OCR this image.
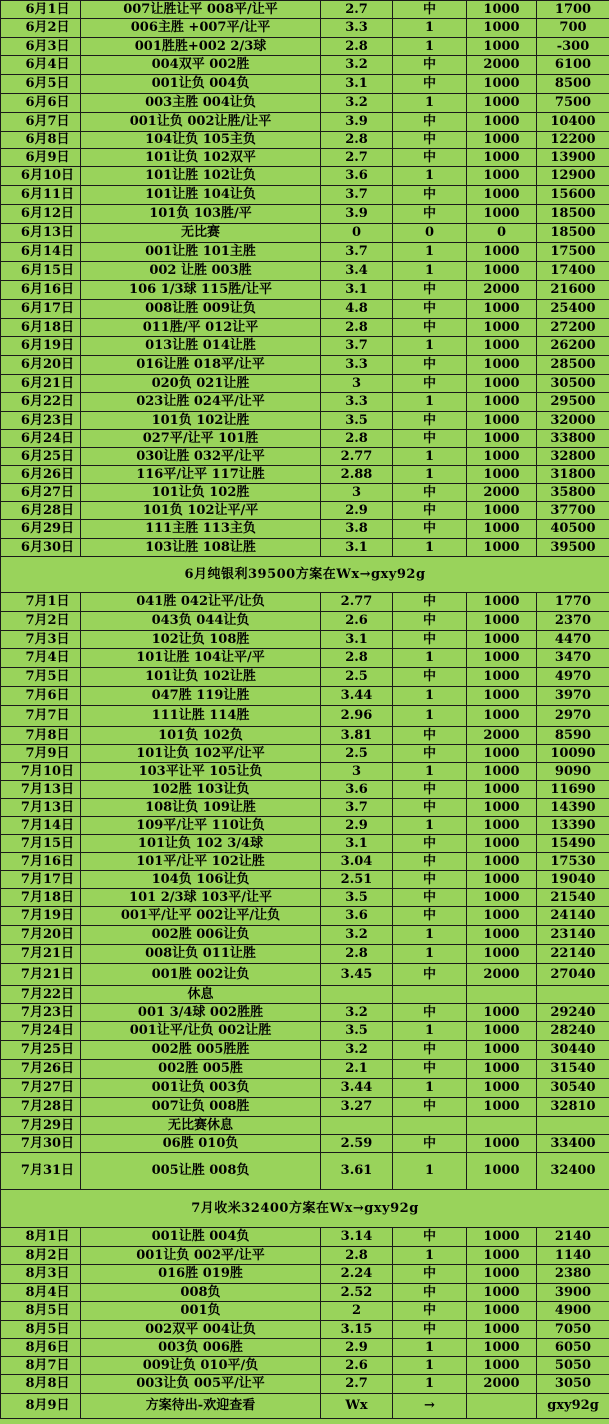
6月1日	007让胜让平 008平/让平	2.7	中	1000	1700
6月2日	006主胜 +007平/让平	3.3	1	1000	700
6月3日	001胜胜+002 2/3球	2.8	1	1000	-300
6月4日	004双平 002胜	3.2	中	2000	6100
6月5日	001让负 004负	3.1	中	1000	8500
6月6日	003主胜 004让负	3.2	1	1000	7500
6月7日	001让负 002让胜/让平	3.9	中	1000	10400
6月8日	104让负 105主负	2.8	中	1000	12200
6月9日	101让负 102双平	2.7	中	1000	13900
6月10日	101让胜 102让负	3.6	1	1000	12900
6月11日	101让胜 104让负	3.7	中	1000	15600
6月12日	101负 103胜/平	3.9	中	1000	18500
6月13日	无比赛	0	0	0	18500
6月14日	001让胜 101主胜	3.7	1	1000	17500
6月15日	002 让胜 003胜	3.4	1	1000	17400
6月16日	106 1/3球 115胜/让平	3.1	中	2000	21600
6月17日	008让胜 009让负	4.8	中	1000	25400
6月18日	011胜/平 012让平	2.8	中	1000	27200
6月19日	013让胜 014让胜	3.7	1	1000	26200
6月20日	016让胜 018平/让平	3.3	中	1000	28500
6月21日	020负 021让胜	3	中	1000	30500
6月22日	023让胜 024平/让平	3.3	1	1000	29500
6月23日	101负 102让胜	3.5	中	1000	32000
6月24日	027平/让平 101胜	2.8	中	1000	33800
6月25日	030让胜 032平/让平	2.77	1	1000	32800
6月26日	116平/让平 117让胜	2.88	1	1000	31800
6月27日	101让负 102胜	3	中	2000	35800
6月28日	101负 102让平/平	2.9	中	1000	37700
6月29日	111主胜 113主负	3.8	中	1000	40500
6月30日	103让胜 108让胜	3.1	1	1000	39500
6月纯银利39500方案在Wx→gxy92g					
7月1日	041胜 042让平/让负	2.77	中	1000	1770
7月2日	043负 044让负	2.6	中	1000	2370
7月3日	102让负 108胜	3.1	中	1000	4470
7月4日	101让胜 104让平/平	2.8	1	1000	3470
7月5日	101让负 102让胜	2.5	中	1000	4970
7月6日	047胜 119让胜	3.44	1	1000	3970
7月7日	111让胜 114胜	2.96	1	1000	2970
7月8日	101负 102负	3.81	中	2000	8590
7月9日	101让负 102平/让平	2.5	中	1000	10090
7月10日	103平让平 105让负	3	1	1000	9090
7月13日	102胜 103让负	3.6	中	1000	11690
7月13日	108让负 109让胜	3.7	中	1000	14390
7月14日	109平/让平 110让负	2.9	1	1000	13390
7月15日	101让负 102 3/4球	3.1	中	1000	15490
7月16日	101平/让平 102让胜	3.04	中	1000	17530
7月17日	104负 106让负	2.51	中	1000	19040
7月18日	101 2/3球 103平/让平	3.5	中	1000	21540
7月19日	001平/让平 002让平/让负	3.6	中	1000	24140
7月20日	002胜 006让负	3.2	1	1000	23140
7月21日	008让负 011让胜	2.8	1	1000	22140
7月21日	001胜 002让负	3.45	中	2000	27040
7月22日	休息				
7月23日	001 3/4球 002胜胜	3.2	中	1000	29240
7月24日	001让平/让负 002让胜	3.5	1	1000	28240
7月25日	002胜 005胜胜	3.2	中	1000	30440
7月26日	002胜 005胜	2.1	中	1000	31540
7月27日	001让负 003负	3.44	1	1000	30540
7月28日	007让负 008胜	3.27	中	1000	32810
7月29日	无比赛休息				
7月30日	06胜 010负	2.59	中	1000	33400
7月31日	005让胜 008负	3.61	1	1000	32400
7月收米32400方案在Wx→gxy92g					
8月1日	001让胜 004负	3.14	中	1000	2140
8月2日	001让负 002平/让平	2.8	1	1000	1140
8月3日	016胜 019胜	2.24	中	1000	2380
8月4日	008负	2.52	中	1000	3900
8月5日	001负	2	中	1000	4900
8月5日	002双平 004让负	3.15	中	1000	7050
8月6日	003负 006胜	2.9	1	1000	6050
8月7日	009让负 010平/负	2.6	1	1000	5050
8月8日	003让负 005平/让平	2.7	1	2000	3050
8月9日	方案待出-欢迎查看	Wx	→		gxy92g
